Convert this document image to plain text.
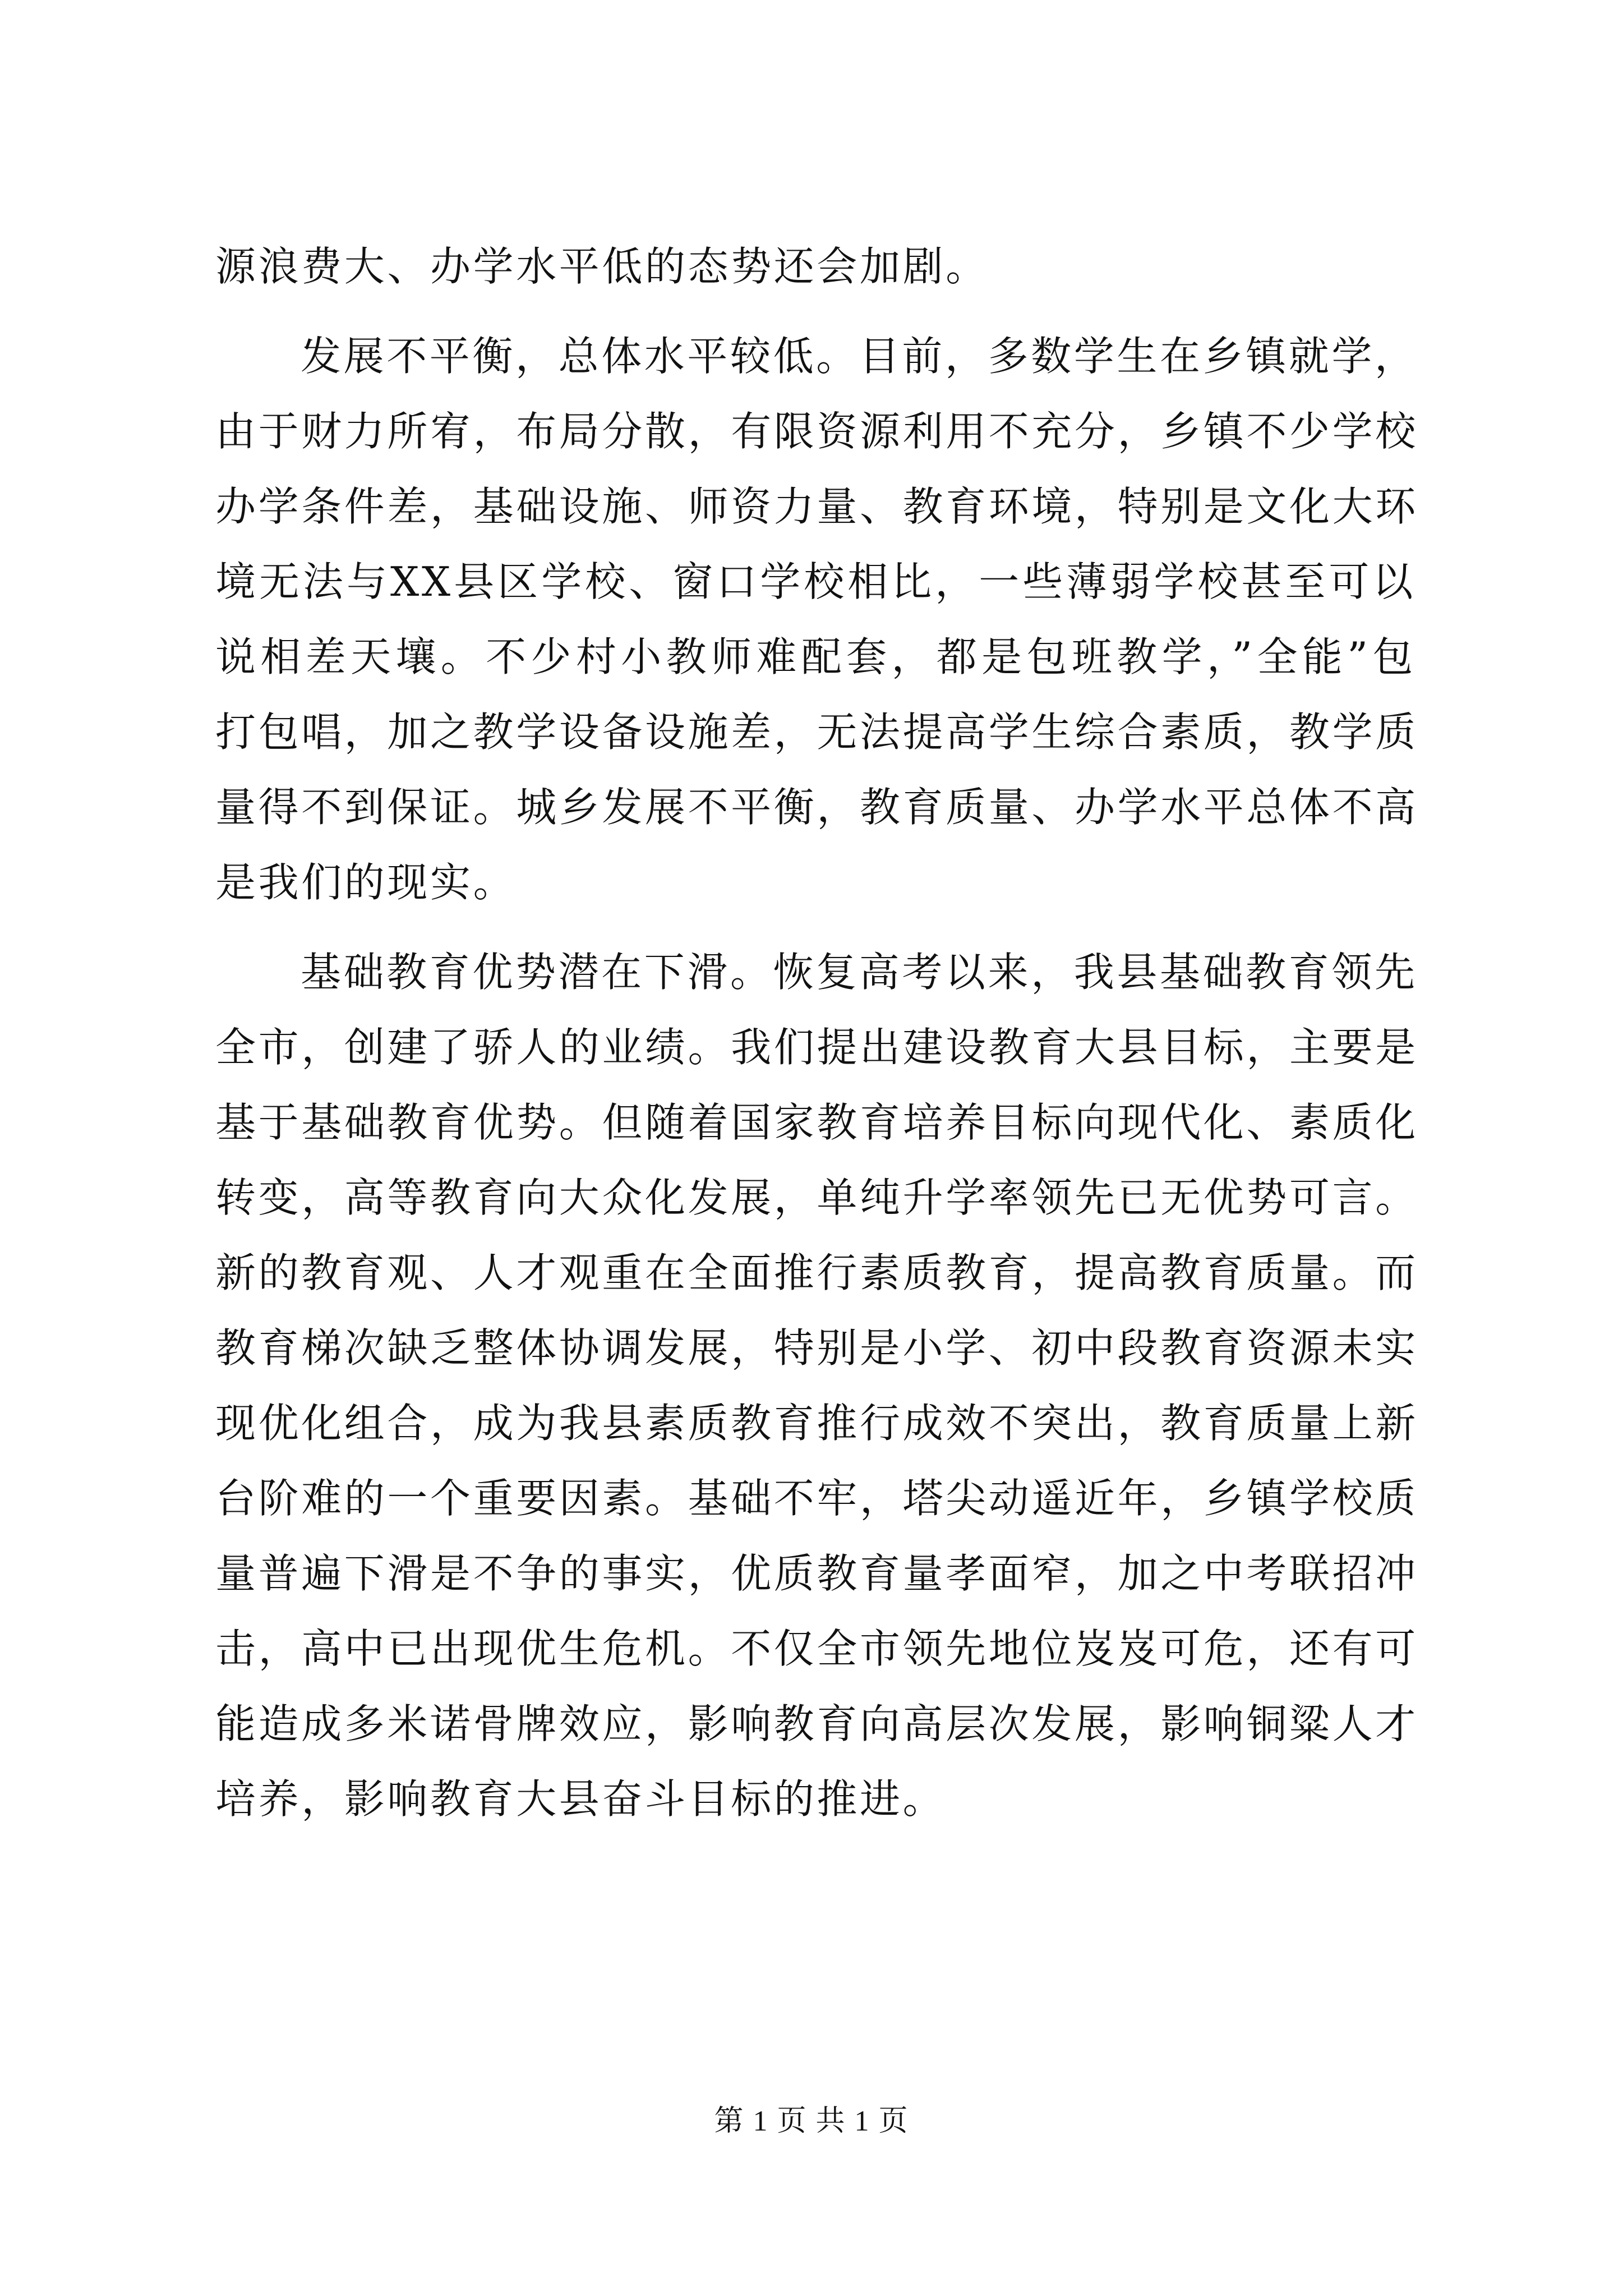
源浪费大、办学水平低的态势还会加剧。
发展不平衡，总体水平较低。目前，多数学生在乡镇就学，
由于财力所宥，布局分散，有限资源利用不充分，乡镇不少学校
办学条件差，基础设施、师资力量、教育环境，特别是文化大环
境无法与XX县区学校、窗口学校相比，一些薄弱学校甚至可以
说相差天壤。不少村小教师难配套，都是包班教学，”全能”包
打包唱，加之教学设备设施差，无法提高学生综合素质，教学质
量得不到保证。城乡发展不平衡，教育质量、办学水平总体不高
是我们的现实。
基础教育优势潜在下滑。恢复高考以来，我县基础教育领先
全市，创建了骄人的业绩。我们提出建设教育大县目标，主要是
基于基础教育优势。但随着国家教育培养目标向现代化、素质化
转变，高等教育向大众化发展，单纯升学率领先已无优势可言。
新的教育观、人才观重在全面推行素质教育，提高教育质量。而
教育梯次缺乏整体协调发展，特别是小学、初中段教育资源未实
现优化组合，成为我县素质教育推行成效不突出，教育质量上新
台阶难的一个重要因素。基础不牢，塔尖动遥近年，乡镇学校质
量普遍下滑是不争的事实，优质教育量孝面窄，加之中考联招冲
击，高中已出现优生危机。不仅全市领先地位岌岌可危，还有可
能造成多米诺骨牌效应，影响教育向高层次发展，影响铜粱人才
培养，影响教育大县奋斗目标的推进。
第 1 页 共 1 页
